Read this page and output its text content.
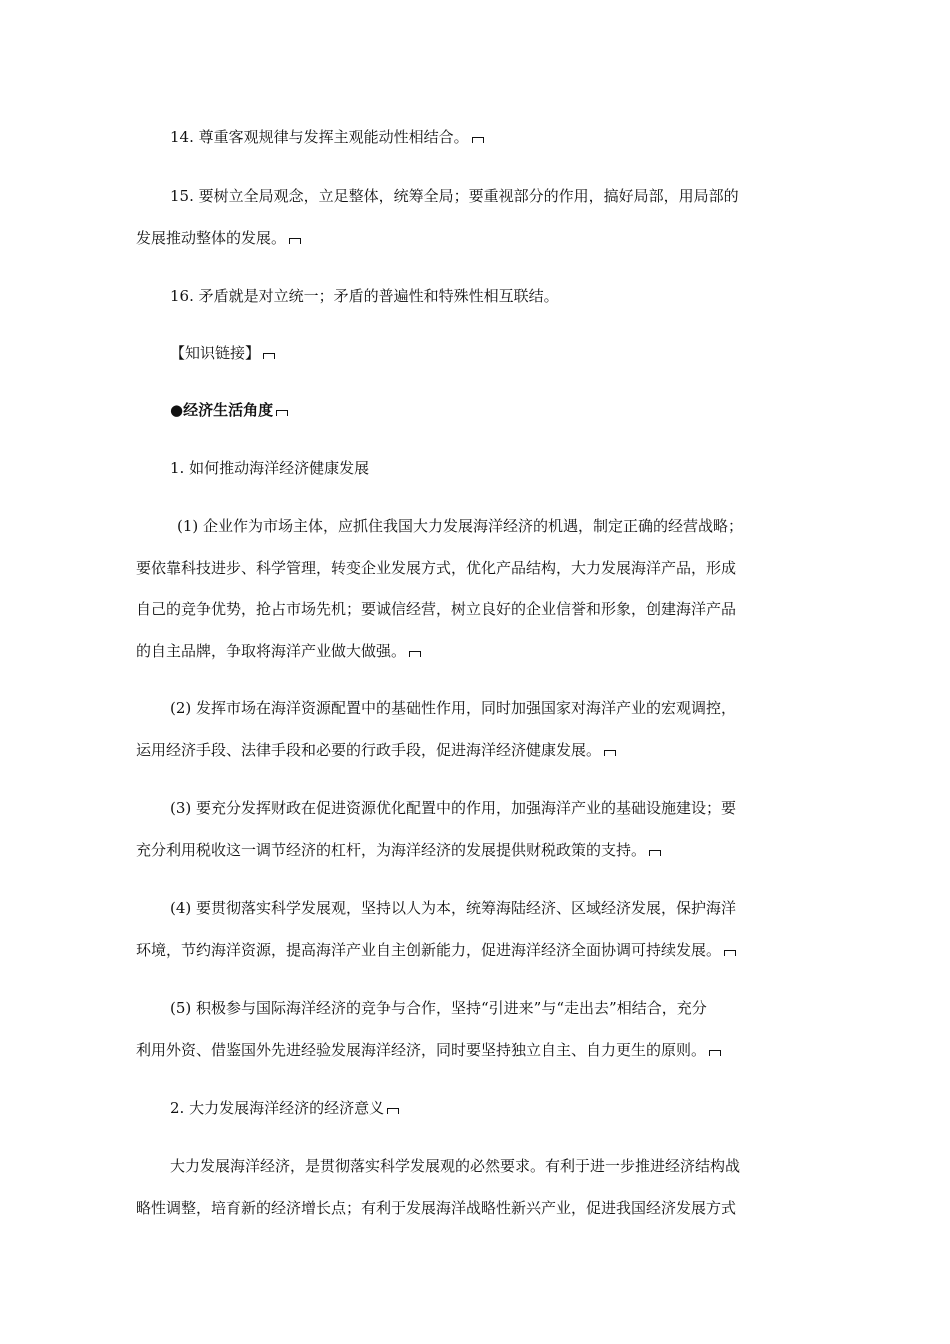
14. 尊重客观规律与发挥主观能动性相结合。
15. 要树立全局观念，立足整体，统筹全局；要重视部分的作用，搞好局部，用局部的
发展推动整体的发展。
16. 矛盾就是对立统一；矛盾的普遍性和特殊性相互联结。
【知识链接】
●经济生活角度
1. 如何推动海洋经济健康发展
(1) 企业作为市场主体，应抓住我国大力发展海洋经济的机遇，制定正确的经营战略；
要依靠科技进步、科学管理，转变企业发展方式，优化产品结构，大力发展海洋产品，形成
自己的竞争优势，抢占市场先机；要诚信经营，树立良好的企业信誉和形象，创建海洋产品
的自主品牌，争取将海洋产业做大做强。
(2) 发挥市场在海洋资源配置中的基础性作用，同时加强国家对海洋产业的宏观调控，
运用经济手段、法律手段和必要的行政手段，促进海洋经济健康发展。
(3) 要充分发挥财政在促进资源优化配置中的作用，加强海洋产业的基础设施建设；要
充分利用税收这一调节经济的杠杆，为海洋经济的发展提供财税政策的支持。
(4) 要贯彻落实科学发展观，坚持以人为本，统筹海陆经济、区域经济发展，保护海洋
环境，节约海洋资源，提高海洋产业自主创新能力，促进海洋经济全面协调可持续发展。
(5) 积极参与国际海洋经济的竞争与合作，坚持“引进来”与“走出去”相结合，充分
利用外资、借鉴国外先进经验发展海洋经济，同时要坚持独立自主、自力更生的原则。
2. 大力发展海洋经济的经济意义
大力发展海洋经济，是贯彻落实科学发展观的必然要求。有利于进一步推进经济结构战
略性调整，培育新的经济增长点；有利于发展海洋战略性新兴产业，促进我国经济发展方式
